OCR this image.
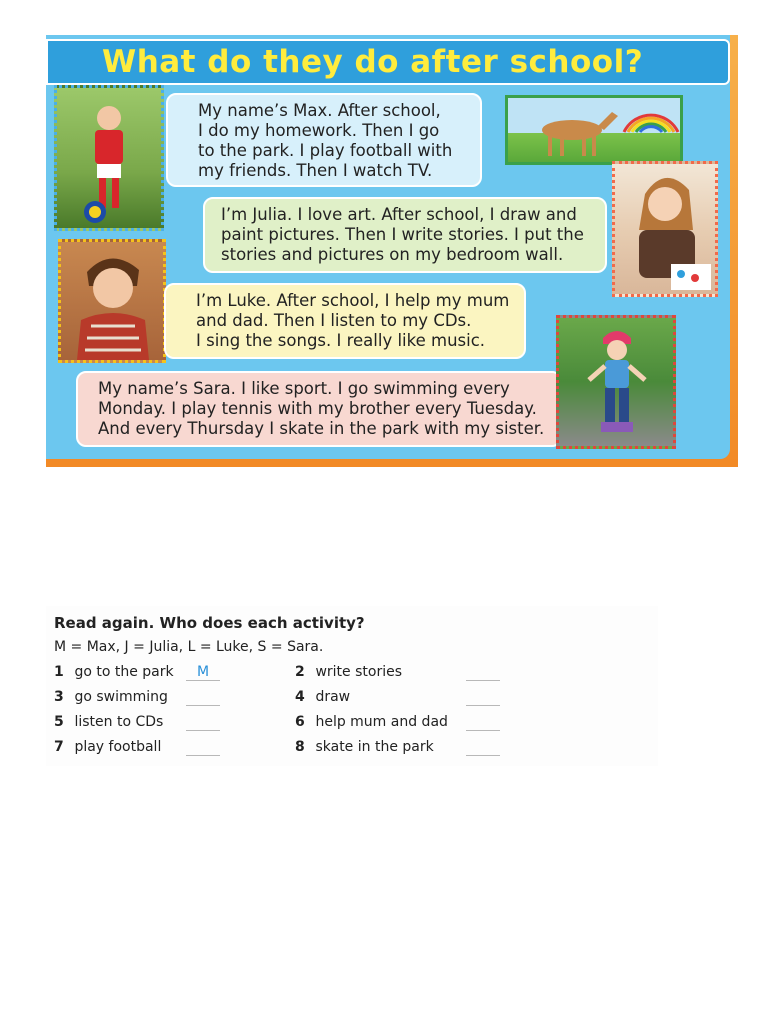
What do they do after school?
My name’s Max. After school,
I do my homework. Then I go
to the park. I play football with
my friends. Then I watch TV.
I’m Julia. I love art. After school, I draw and
paint pictures. Then I write stories. I put the
stories and pictures on my bedroom wall.
I’m Luke. After school, I help my mum
and dad. Then I listen to my CDs.
I sing the songs. I really like music.
My name’s Sara. I like sport. I go swimming every
Monday. I play tennis with my brother every Tuesday.
And every Thursday I skate in the park with my sister.
Read again. Who does each activity?
M = Max, J = Julia, L = Luke, S = Sara.
1 go to the park	M	2 write stories
3 go swimming	4 draw
5 listen to CDs	6 help mum and dad
7 play football	8 skate in the park
